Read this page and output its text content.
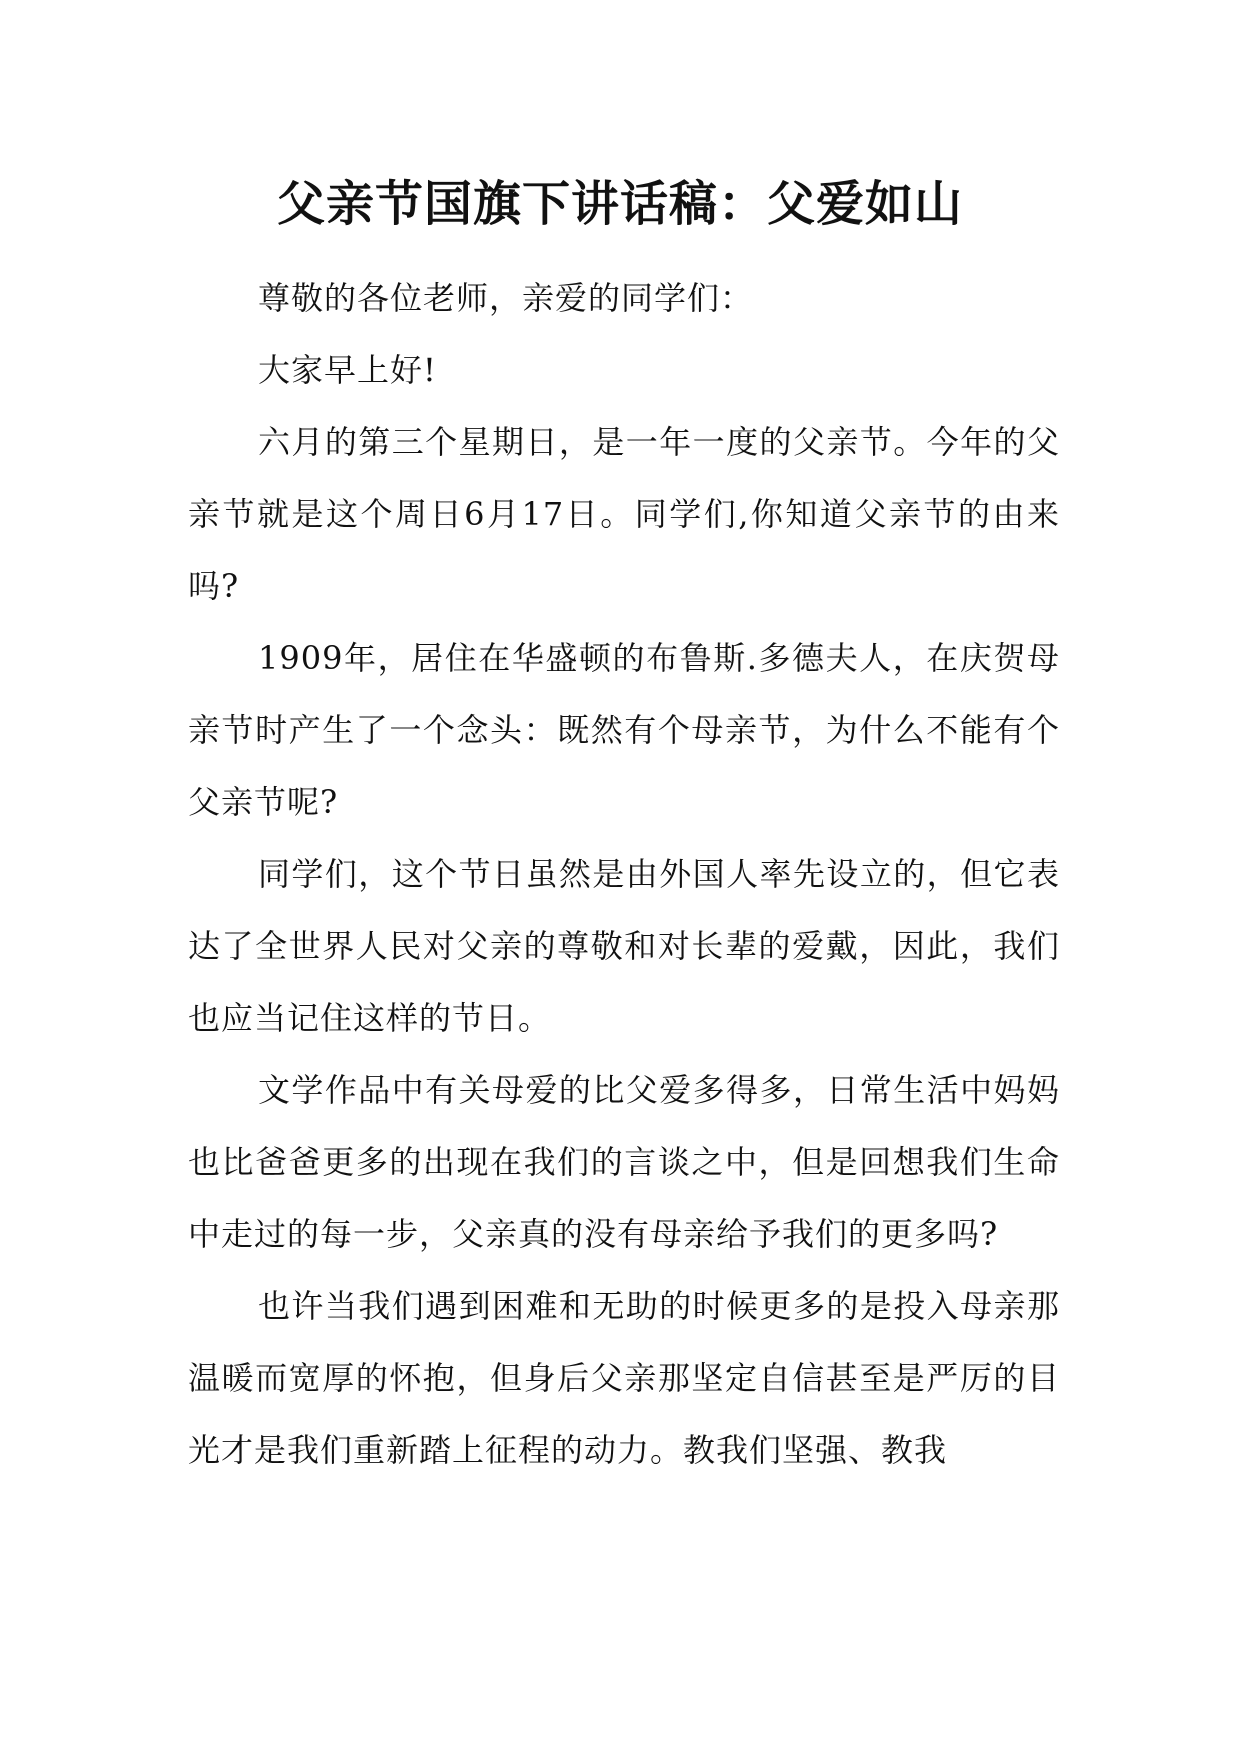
父亲节国旗下讲话稿：父爱如山

尊敬的各位老师，亲爱的同学们：

大家早上好!

六月的第三个星期日，是一年一度的父亲节。今年的父亲节就是这个周日6月17日。同学们,你知道父亲节的由来吗?

1909年，居住在华盛顿的布鲁斯.多德夫人，在庆贺母亲节时产生了一个念头：既然有个母亲节，为什么不能有个父亲节呢?

同学们，这个节日虽然是由外国人率先设立的，但它表达了全世界人民对父亲的尊敬和对长辈的爱戴，因此，我们也应当记住这样的节日。

文学作品中有关母爱的比父爱多得多，日常生活中妈妈也比爸爸更多的出现在我们的言谈之中，但是回想我们生命中走过的每一步，父亲真的没有母亲给予我们的更多吗?

也许当我们遇到困难和无助的时候更多的是投入母亲那温暖而宽厚的怀抱，但身后父亲那坚定自信甚至是严厉的目光才是我们重新踏上征程的动力。教我们坚强、教我
